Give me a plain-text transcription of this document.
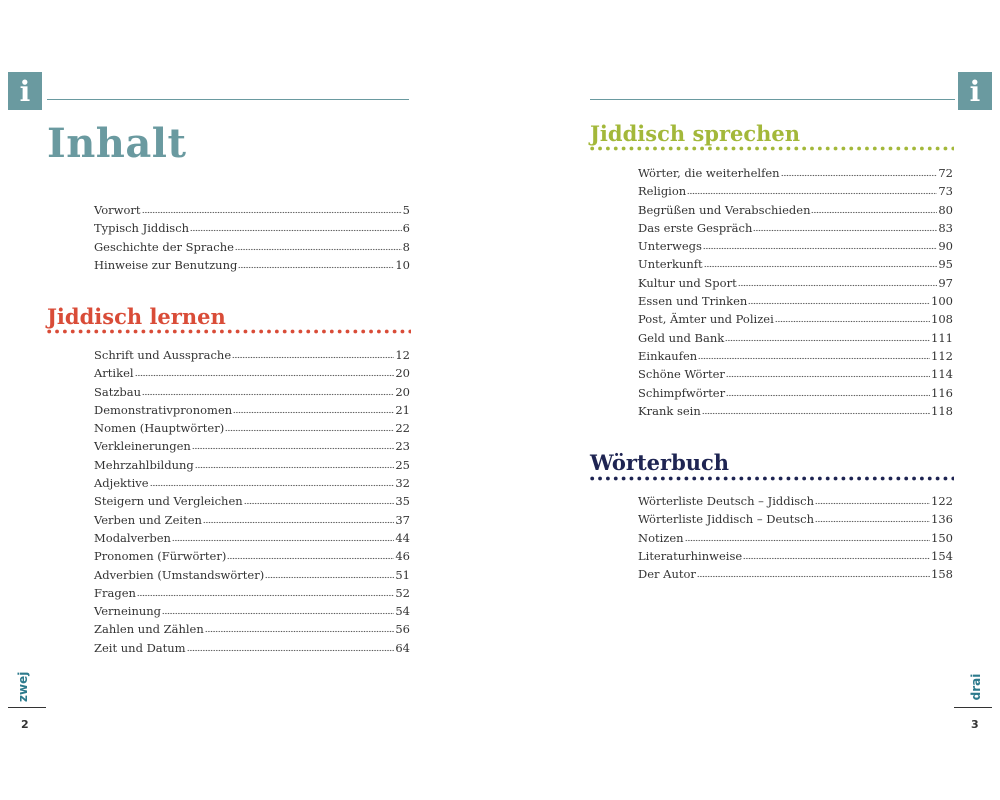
i	i
Inhalt
Vorwort	5
Typisch Jiddisch	6
Geschichte der Sprache	8
Hinweise zur Benutzung	10
Jiddisch lernen
Schrift und Aussprache	12
Artikel	20
Satzbau	20
Demonstrativpronomen	21
Nomen (Hauptwörter)	22
Verkleinerungen	23
Mehrzahlbildung	25
Adjektive	32
Steigern und Vergleichen	35
Verben und Zeiten	37
Modalverben	44
Pronomen (Fürwörter)	46
Adverbien (Umstandswörter)	51
Fragen	52
Verneinung	54
Zahlen und Zählen	56
Zeit und Datum	64
zwej
2
Jiddisch sprechen
Wörter, die weiterhelfen	72
Religion	73
Begrüßen und Verabschieden	80
Das erste Gespräch	83
Unterwegs	90
Unterkunft	95
Kultur und Sport	97
Essen und Trinken	100
Post, Ämter und Polizei	108
Geld und Bank	111
Einkaufen	112
Schöne Wörter	114
Schimpfwörter	116
Krank sein	118
Wörterbuch
Wörterliste Deutsch – Jiddisch	122
Wörterliste Jiddisch – Deutsch	136
Notizen	150
Literaturhinweise	154
Der Autor	158
drai
3
